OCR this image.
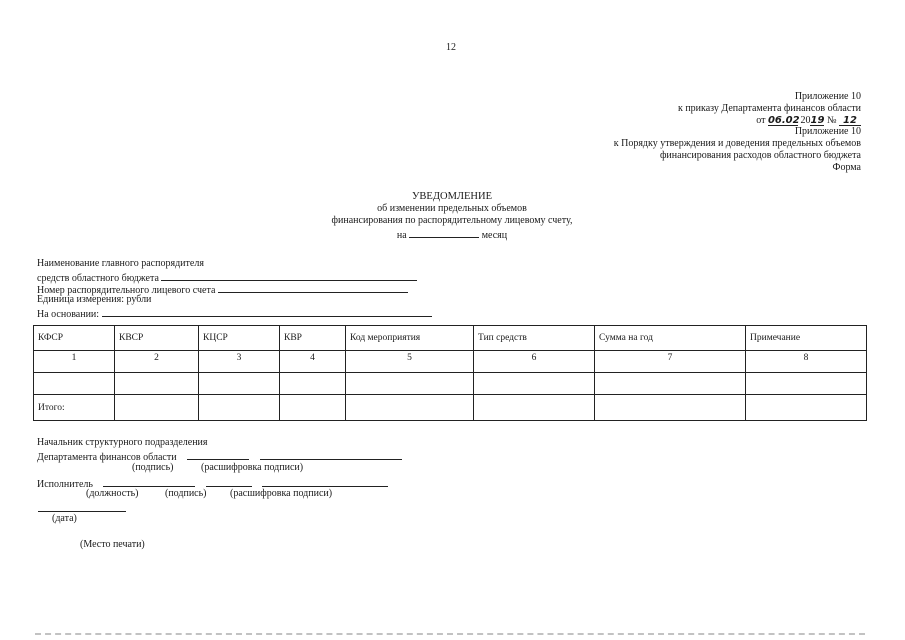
12
Приложение 10
к приказу Департамента финансов области
от 06.02 2019 № 12
Приложение 10
к Порядку утверждения и доведения предельных объемов
финансирования расходов областного бюджета
Форма
УВЕДОМЛЕНИЕ
об изменении предельных объемов
финансирования по распорядительному лицевому счету,
на	месяц
Наименование главного распорядителя
средств областного бюджета
Номер распорядительного лицевого счета
Единица измерения: рубли
На основании:
КФСР	КВСР	КЦСР	КВР	Код мероприятия	Тип средств	Сумма на год	Примечание
1	2	3	4	5	6	7	8

Итого:							
Начальник структурного подразделения
Департамента финансов области
(подпись)	(расшифровка подписи)
Исполнитель
(должность)	(подпись) (расшифровка подписи)
(дата)
(Место печати)
